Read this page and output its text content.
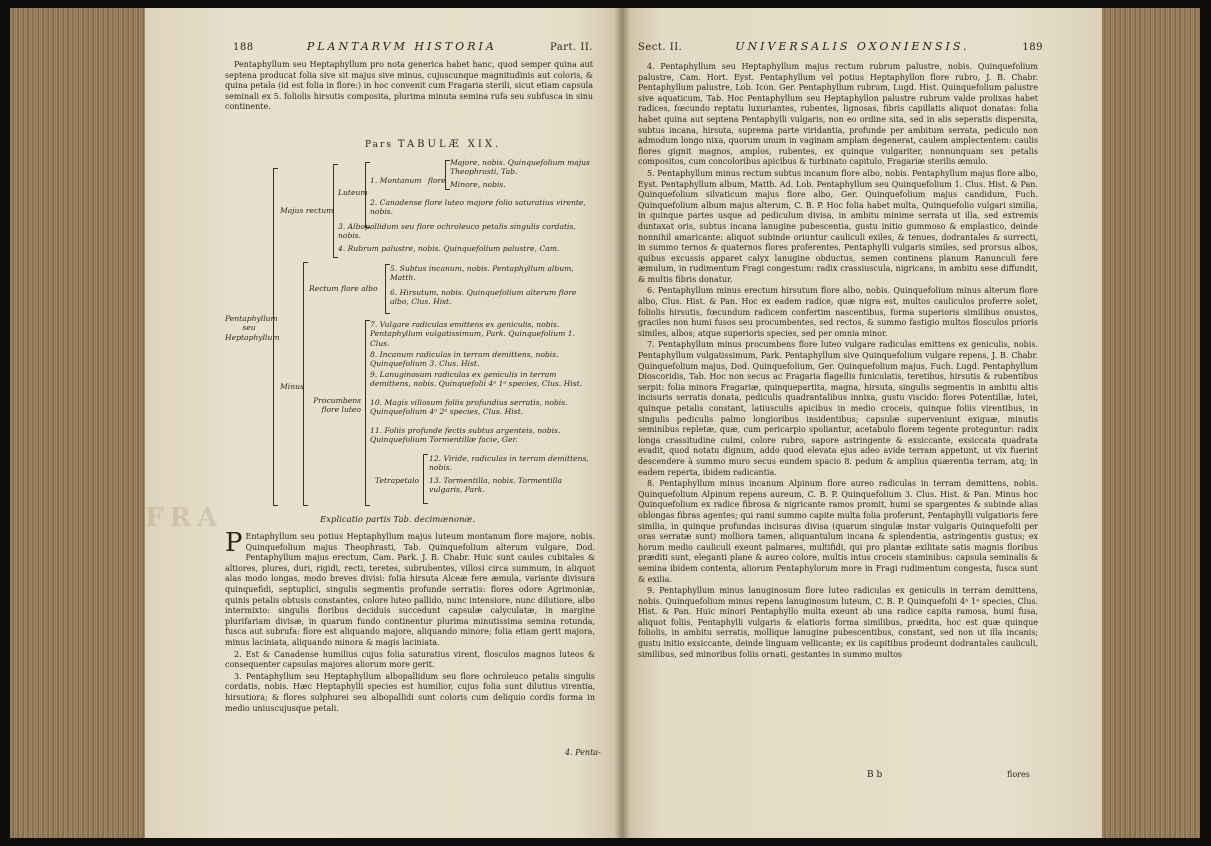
188	PLANTARVM HISTORIA	Part. II.

Pentaphyllum seu Heptaphyllum pro nota generica habet hanc, quod semper quina aut septena producat folia sive sit majus sive minus, cujuscunque magnitudinis aut coloris, & quina petala (id est folia in flore:) in hoc convenit cum Fragaria sterili, sicut etiam capsula seminali ex 5. foliolis hirsutis composita, plurima minuta semina rufa seu subfusca in sinu continente.

Pars TABULÆ XIX.
Pentaphyllum seu Heptaphyllum
Majus rectum
Luteum
1. Montanum flore
Majore, nobis. Quinquefolium majus Theophrasti, Tab.
Minore, nobis.
2. Canadense flore luteo majore folio saturatius virente, nobis.
3. Albopallidum seu flore ochroleuco petalis singulis cordatis, nobis.
4. Rubrum palustre, nobis. Quinquefolium palustre, Cam.
Minus
Rectum flore albo
5. Subtus incanum, nobis. Pentaphyllum album, Matth.
6. Hirsutum, nobis. Quinquefolium alterum flore albo, Clus. Hist.
Procumbens flore luteo
7. Vulgare radiculas emittens ex geniculis, nobis. Pentaphyllum vulgatissimum, Park. Quinquefolium 1. Clus.
8. Incanum radiculas in terram demittens, nobis. Quinquefolium 3. Clus. Hist.
9. Lanuginosum radiculas ex geniculis in terram demittens, nobis. Quinquefolii 4ᵃ 1ᵃ species, Clus. Hist.
10. Magis villosum foliis profundius serratis, nobis. Quinquefolium 4ᵃ 2ᵃ species, Clus. Hist.
11. Foliis profunde fectis subtus argenteis, nobis. Quinquefolium Tormentillæ facie, Ger.
Tetrapetalo
12. Viride, radiculas in terram demittens, nobis.
13. Tormentilla, nobis. Tormentilla vulgaris, Park.
FRA	Explicatio partis Tab. decimænonæ.

P Entaphyllum seu potius Heptaphyllum majus luteum montanum flore majore, nobis. Quinquefolium majus Theophrasti, Tab. Quinquefolium alterum vulgare, Dod. Pentaphyllum majus erectum, Cam. Park. J. B. Chabr. Huic sunt caules cubitales & altiores, plures, duri, rigidi, recti, teretes, subrubentes, villosi circa summum, in aliquot alas modo longas, modo breves divisi: folia hirsuta Alceæ fere æmula, variante divisura quinquefidi, septuplici, singulis segmentis profunde serratis: flores odore Agrimoniæ, quinis petalis obtusis constantes, colore luteo pallido, nunc intensiore, nunc dilutiore, albo intermixto: singulis floribus deciduis succedunt capsulæ calyculatæ, in margine plurifariam divisæ, in quarum fundo continentur plurima minutissima semina rotunda, fusca aut subrufa: flore est aliquando majore, aliquando minore; folia etiam gerit majora, minus laciniata, aliquando minora & magis laciniata.

2. Est & Canadense humilius cujus folia saturatius virent, flosculos magnos luteos & consequenter capsulas majores aliorum more gerit.

3. Pentaphyllum seu Heptaphyllum albopallidum seu flore ochroleuco petalis singulis cordatis, nobis. Hæc Heptaphylli species est humilior, cujus folia sunt dilutius virentia, hirsutiora; & flores sulphurei seu albopallidi sunt coloris cum deliquio cordis forma in medio uniuscujusque petali.

4. Penta-
Sect. II.	UNIVERSALIS OXONIENSIS.	189

4. Pentaphyllum seu Heptaphyllum majus rectum rubrum palustre, nobis. Quinquefolium palustre, Cam. Hort. Eyst. Pentaphyllum vel potius Heptaphyllon flore rubro, J. B. Chabr. Pentaphyllum palustre, Lob. Icon. Ger. Pentaphyllum rubrum, Lugd. Hist. Quinquefolium palustre sive aquaticum, Tab. Hoc Pentaphyllum seu Heptaphyllon palustre rubrum valde prolixas habet radices, fœcundo reptatu luxuriantes, rubentes, lignosas, fibris capillatis aliquot donatas: folia habet quina aut septena Pentaphylli vulgaris, non eo ordine sita, sed in alis seperatis dispersita, subtus incana, hirsuta, suprema parte viridantia, profunde per ambitum serrata, pediculo non admodum longo nixa, quorum unum in vaginam amplam degenerat, caulem amplectentem: caulis flores gignit magnos, amplos, rubentes, ex quinque vulgariter, nonnunquam sex petalis compositos, cum concoloribus apicibus & turbinato capitulo, Fragariæ sterilis æmulo.

5. Pentaphyllum minus rectum subtus incanum flore albo, nobis. Pentaphyllum majus flore albo, Eyst. Pentaphyllum album, Matth. Ad. Lob. Pentaphyllum seu Quinquefolium 1. Clus. Hist. & Pan. Quinquefolium silvaticum majus flore albo, Ger. Quinquefolium majus candidum, Fuch. Quinquefolium album majus alterum, C. B. P. Hoc folia habet multa, Quinquefolio vulgari similia, in quinque partes usque ad pediculum divisa, in ambitu minime serrata ut illa, sed extremis duntaxat oris, subtus incana lanugine pubescentia, gustu initio gummoso & emplastico, deinde nonnihil amaricante: aliquot subinde oriuntur cauliculi exiles, & tenues, dodrantales & surrecti, in summo ternos & quaternos flores proferentes, Pentaphylli vulgaris similes, sed prorsus albos, quibus excussis apparet calyx lanugine obductus, semen continens planum Ranunculi fere æmulum, in rudimentum Fragi congestum: radix crassiuscula, nigricans, in ambitu sese diffundit, & multis fibris donatur.

6. Pentaphyllum minus erectum hirsutum flore albo, nobis. Quinquefolium minus alterum flore albo, Clus. Hist. & Pan. Hoc ex eadem radice, quæ nigra est, multos cauliculos proferre solet, foliolis hirsutis, fœcundum radicem confertim nascentibus, forma superioris similibus onustos, graciles non humi fusos seu procumbentes, sed rectos, & summo fastigio multos flosculos prioris similes, albos; atque superioris species, sed per omnia minor.

7. Pentaphyllum minus procumbens flore luteo vulgare radiculas emittens ex geniculis, nobis. Pentaphyllum vulgatissimum, Park. Pentaphyllum sive Quinquefolium vulgare repens, J. B. Chabr. Quinquefolium majus, Dod. Quinquefolium, Ger. Quinquefolium majus, Fuch. Lugd. Pentaphyllum Dioscoridis, Tab. Hoc non secus ac Fragaria flagellis funiculatis, teretibus, hirsutis & rubentibus serpit: folia minora Fragariæ, quinquepartita, magna, hirsuta, singulis segmentis in ambitu altis incisuris serratis donata, pediculis quadrantalibus innixa, gustu viscido: flores Potentillæ, lutei, quinque petalis constant, latiusculis apicibus in medio croceis, quinque foliis virentibus, in singulis pediculis palmo longioribus insidentibus; capsulæ superveniunt exiguæ, minutis seminibus repletæ, quæ, cum pericarpio spoliantur, acetabulo florem tegente proteguntur: radix longa crassitudine culmi, colore rubro, sapore astringente & exsiccante, exsiccata quadrata evadit, quod notatu dignum, addo quod elevata ejus adeo avide terram appetunt, ut vix fuerint descendere à summo muro secus eundem spacio 8. pedum & amplius quærentia terram, atq; in eadem reperta, ibidem radicantia.

8. Pentaphyllum minus incanum Alpinum flore aureo radiculas in terram demittens, nobis. Quinquefolium Alpinum repens aureum, C. B. P. Quinquefolium 3. Clus. Hist. & Pan. Minus hoc Quinquefolium ex radice fibrosa & nigricante ramos promit, humi se spargentes & subinde alias oblongas fibras agentes; qui rami summo capite multa folia proferunt, Pentaphylli vulgatioris fere similia, in quinque profundas incisuras divisa (quarum singulæ instar vulgaris Quinquefolii per oras serratæ sunt) molliora tamen, aliquantulum incana & splendentia, astringentis gustus; ex horum medio cauliculi exeunt palmares, multifidi, qui pro plantæ exilitate satis magnis floribus præditi sunt, eleganti plane & aureo colore, multis intus croceis staminibus: capsula seminalis & semina ibidem contenta, aliorum Pentaphylorum more in Fragi rudimentum congesta, fusca sunt & exilia.

9. Pentaphyllum minus lanuginosum flore luteo radiculas ex geniculis in terram demittens, nobis. Quinquefolium minus repens lanuginosum luteum, C. B. P. Quinquefolii 4ᵃ 1ᵃ species, Clus. Hist. & Pan. Huic minori Pentaphyllo multa exeunt ab una radice capita ramosa, humi fusa, aliquot foliis, Pentaphylli vulgaris & elatioris forma similibus, prædita, hoc est quæ quinque foliolis, in ambitu serratis, mollique lanugine pubescentibus, constant, sed non ut illa incanis; gustu initio exsiccante, deinde linguam vellicante; ex iis capitibus prodeunt dodrantales cauliculi, similibus, sed minoribus foliis ornati, gestantes in summo multos

B b	flores
